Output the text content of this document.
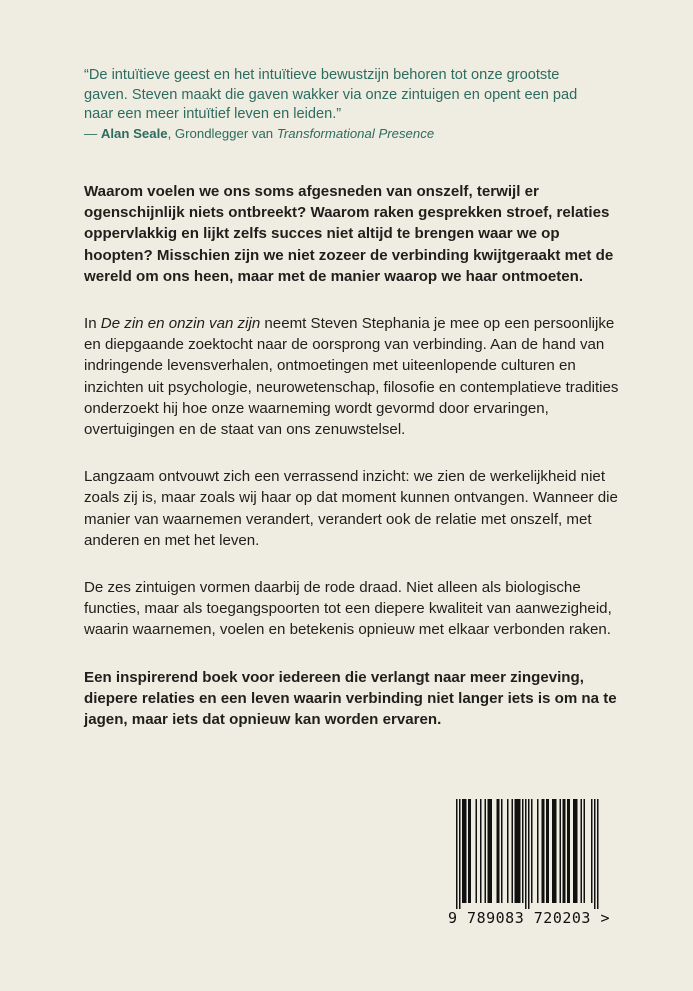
“De intuïtieve geest en het intuïtieve bewustzijn behoren tot onze grootste gaven. Steven maakt die gaven wakker via onze zintuigen en opent een pad naar een meer intuïtief leven en leiden.”

— Alan Seale, Grondlegger van Transformational Presence

Waarom voelen we ons soms afgesneden van onszelf, terwijl er ogenschijnlijk niets ontbreekt? Waarom raken gesprekken stroef, relaties oppervlakkig en lijkt zelfs succes niet altijd te brengen waar we op hoopten? Misschien zijn we niet zozeer de verbinding kwijtgeraakt met de wereld om ons heen, maar met de manier waarop we haar ontmoeten.

In De zin en onzin van zijn neemt Steven Stephania je mee op een persoonlijke en diepgaande zoektocht naar de oorsprong van verbinding. Aan de hand van indringende levensverhalen, ontmoetingen met uiteenlopende culturen en inzichten uit psychologie, neurowetenschap, filosofie en contemplatieve tradities onderzoekt hij hoe onze waarneming wordt gevormd door ervaringen, overtuigingen en de staat van ons zenuwstelsel.

Langzaam ontvouwt zich een verrassend inzicht: we zien de werkelijkheid niet zoals zij is, maar zoals wij haar op dat moment kunnen ontvangen. Wanneer die manier van waarnemen verandert, verandert ook de relatie met onszelf, met anderen en met het leven.

De zes zintuigen vormen daarbij de rode draad. Niet alleen als biologische functies, maar als toegangspoorten tot een diepere kwaliteit van aanwezigheid, waarin waarnemen, voelen en betekenis opnieuw met elkaar verbonden raken.

Een inspirerend boek voor iedereen die verlangt naar meer zingeving, diepere relaties en een leven waarin verbinding niet langer iets is om na te jagen, maar iets dat opnieuw kan worden ervaren.

9 789083 720203 >
